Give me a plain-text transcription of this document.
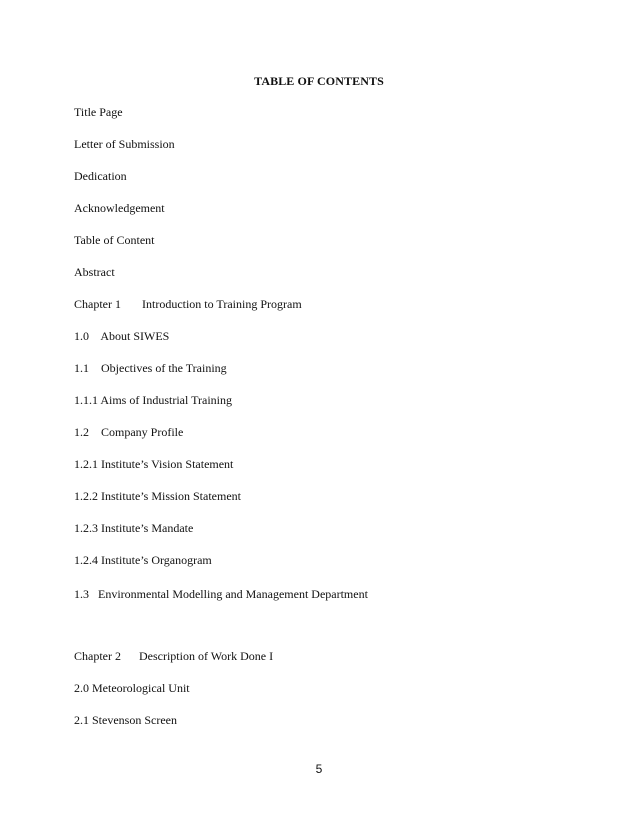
TABLE OF CONTENTS
Title Page
Letter of Submission
Dedication
Acknowledgement
Table of Content
Abstract
Chapter 1       Introduction to Training Program
1.0    About SIWES
1.1    Objectives of the Training
1.1.1 Aims of Industrial Training
1.2    Company Profile
1.2.1 Institute’s Vision Statement
1.2.2 Institute’s Mission Statement
1.2.3 Institute’s Mandate
1.2.4 Institute’s Organogram
1.3   Environmental Modelling and Management Department
Chapter 2      Description of Work Done I
2.0 Meteorological Unit
2.1 Stevenson Screen
5
